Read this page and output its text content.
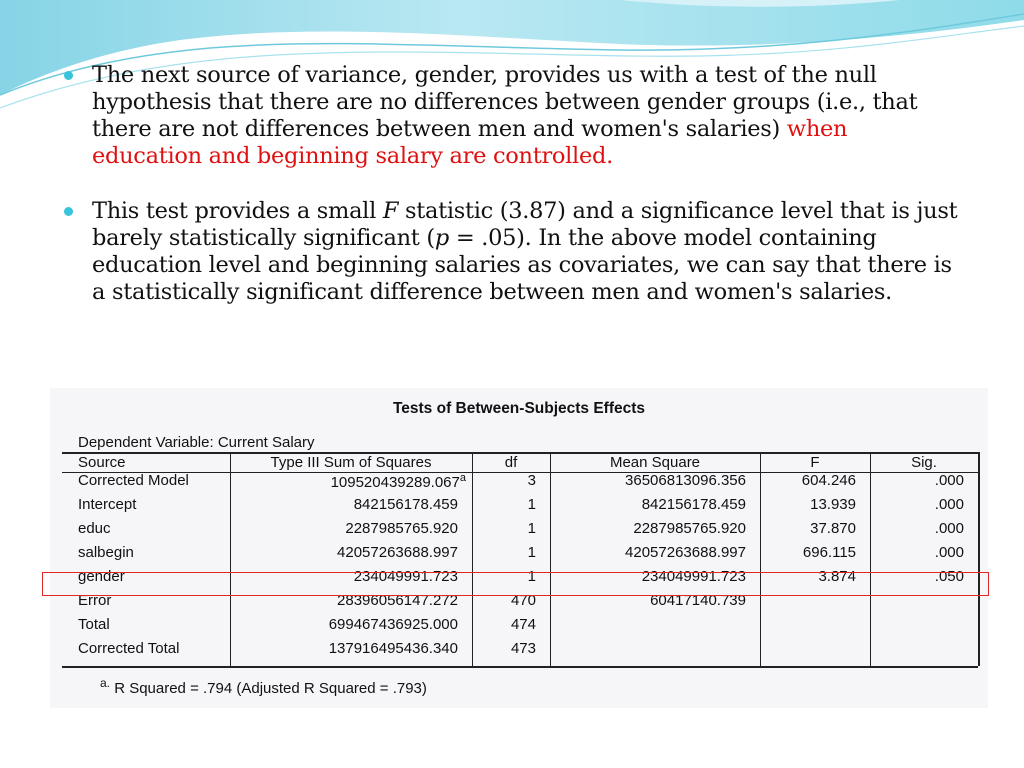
The next source of variance, gender, provides us with a test of the null hypothesis that there are no differences between gender groups (i.e., that there are not differences between men and women's salaries) when education and beginning salary are controlled.
This test provides a small F statistic (3.87) and a significance level that is just barely statistically significant (p = .05). In the above model containing education level and beginning salaries as covariates, we can say that there is a statistically significant difference between men and women's salaries.
Tests of Between-Subjects Effects
Dependent Variable: Current Salary
Source	Type III Sum of Squares	df	Mean Square	F	Sig.
Corrected Model	109520439289.067$^a$	3	36506813096.356	604.246	.000
Intercept	842156178.459	1	842156178.459	13.939	.000
educ	2287985765.920	1	2287985765.920	37.870	.000
salbegin	42057263688.997	1	42057263688.997	696.115	.000
gender	234049991.723	1	234049991.723	3.874	.050
Error	28396056147.272	470	60417140.739
Total	699467436925.000	474
Corrected Total	137916495436.340	473
$^{a.}$ R Squared = .794 (Adjusted R Squared = .793)
